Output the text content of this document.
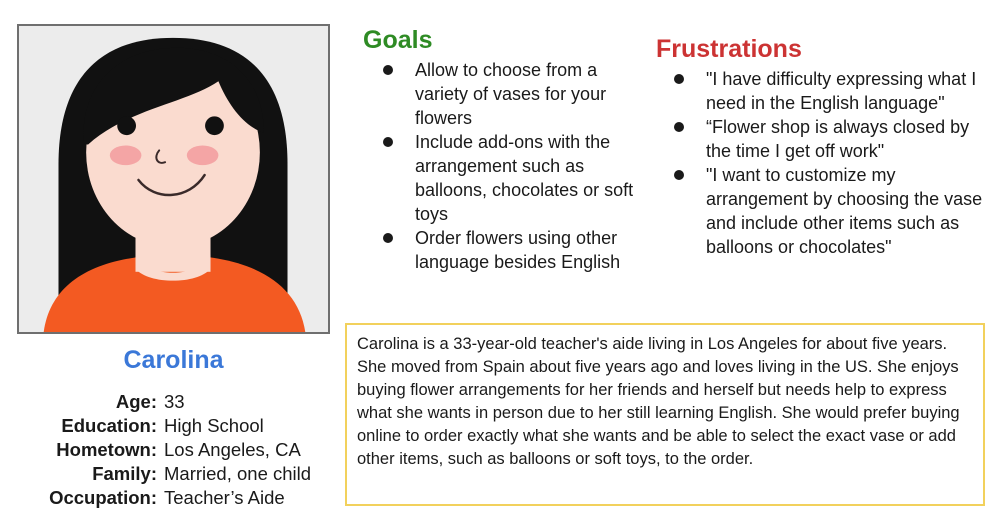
Carolina
Age: 33
Education: High School
Hometown: Los Angeles, CA
Family: Married, one child
Occupation: Teacher’s Aide
Goals
Allow to choose from a variety of vases for your flowers
Include add-ons with the arrangement such as balloons, chocolates or soft toys
Order flowers using other language besides English
Frustrations
"I have difficulty expressing what I need in the English language"
“Flower shop is always closed by the time I get off work"
"I want to customize my arrangement by choosing the vase and include other items such as balloons or chocolates"
Carolina is a 33-year-old teacher's aide living in Los Angeles for about five years. She moved from Spain about five years ago and loves living in the US. She enjoys buying flower arrangements for her friends and herself but needs help to express what she wants in person due to her still learning English. She would prefer buying online to order exactly what she wants and be able to select the exact vase or add other items, such as balloons or soft toys, to the order.
